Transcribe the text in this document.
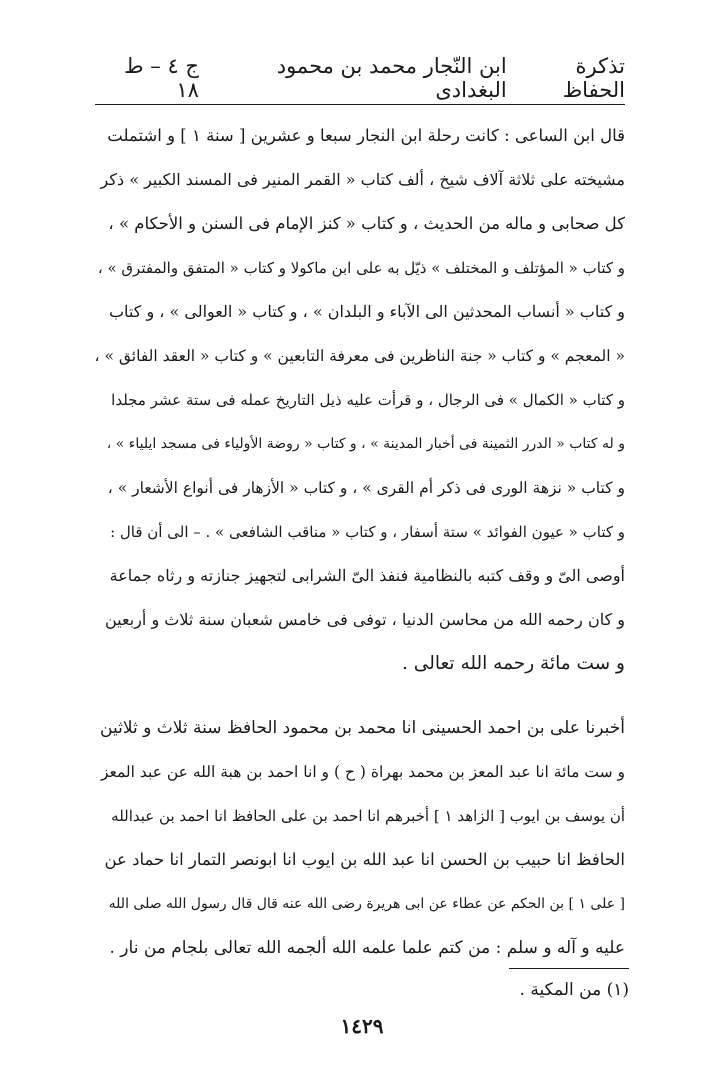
تذكرة الحفاظ
ابن النّجار محمد بن محمود البغدادى
ج ٤ – ط ١٨
قال ابن الساعى : كانت رحلة ابن النجار سبعا و عشرين [ سنة ١ ] و اشتملت
مشيخته على ثلاثة آلاف شيخ ، ألف كتاب « القمر المنير فى المسند الكبير » ذكر
كل صحابى و ماله من الحديث ، و كتاب « كنز الإمام فى السنن و الأحكام » ،
و كتاب « المؤتلف و المختلف » ذيّل به على ابن ماكولا و كتاب « المتفق والمفترق » ،
و كتاب « أنساب المحدثين الى الآباء و البلدان » ، و كتاب « العوالى » ، و كتاب
« المعجم » و كتاب « جنة الناظرين فى معرفة التابعين » و كتاب « العقد الفائق » ،
و كتاب « الكمال » فى الرجال ، و قرأت عليه ذيل التاريخ عمله فى ستة عشر مجلدا
و له كتاب « الدرر الثمينة فى أخبار المدينة » ، و كتاب « روضة الأولياء فى مسجد ايلياء » ،
و كتاب « نزهة الورى فى ذكر أم القرى » ، و كتاب « الأزهار فى أنواع الأشعار » ،
و كتاب « عيون الفوائد » ستة أسفار ، و كتاب « مناقب الشافعى » . – الى أن قال :
أوصى الىّ و وقف كتبه بالنظامية فنفذ الىّ الشرابى لتجهيز جنازته و رثاه جماعة
و كان رحمه الله من محاسن الدنيا ، توفى فى خامس شعبان سنة ثلاث و أربعين
و ست مائة رحمه الله تعالى .
أخبرنا على بن احمد الحسينى انا محمد بن محمود الحافظ سنة ثلاث و ثلاثين
و ست مائة انا عبد المعز بن محمد بهراة ( ح ) و انا احمد بن هبة الله عن عبد المعز
أن يوسف بن ايوب [ الزاهد ١ ] أخبرهم انا احمد بن على الحافظ انا احمد بن عبدالله
الحافظ انا حبيب بن الحسن انا عبد الله بن ايوب انا ابونصر التمار انا حماد عن
[ على ١ ] بن الحكم عن عطاء عن ابى هريرة رضى الله عنه قال قال رسول الله صلى الله
عليه و آله و سلم : من كتم علما علمه الله ألجمه الله تعالى بلجام من نار .
(١) من المكية .
١٤٢٩
